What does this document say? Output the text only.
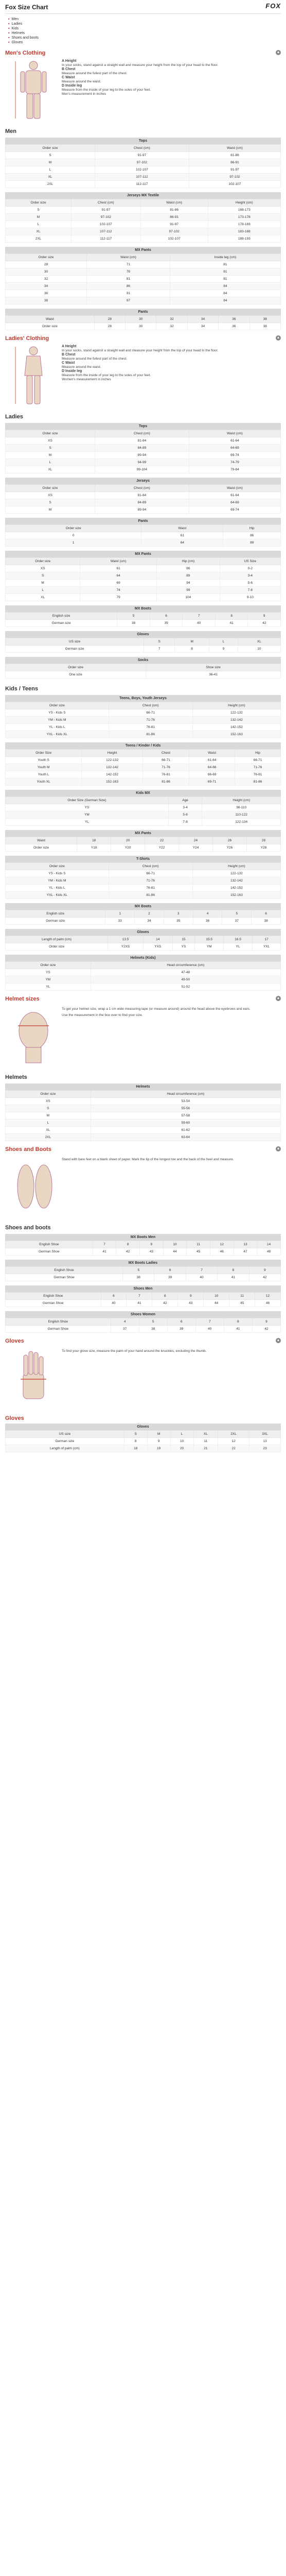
Fox Size Chart	FOX
▪ Men
▪ Ladies
▪ Kids
▪ Helmets
▪ Shoes and boots
▪ Gloves
Men's Clothing	▲
A Height
In your socks, stand against a straight wall and measure your height from the top of your head to the floor.
B Chest
Measure around the fullest part of the chest.
C Waist
Measure around the waist.
D Inside leg
Measure from the inside of your leg to the soles of your feet.
Men's measurement in inches
Men
Tops
Order size	Chest (cm)	Waist (cm)
S	91-97	81-86
M	97-102	86-91
L	102-107	91-97
XL	107-112	97-102
2XL	112-117	102-107
Jerseys MX Textile
Order size	Chest (cm)	Waist (cm)	Height (cm)
S	91-97	81-86	168-173
M	97-102	86-91	173-178
L	102-107	91-97	178-183
XL	107-112	97-102	183-188
2XL	112-117	102-107	188-193
MX Pants
Order size	Waist (cm)	Inside leg (cm)
28	71	81
30	76	81
32	81	81
34	86	84
36	91	84
38	97	84
Pants
Waist	28	30	32	34	36	38
Order size	28	30	32	34	36	38
Ladies' Clothing	▲
A Height
In your socks, stand against a straight wall and measure your height from the top of your head to the floor.
B Chest
Measure around the fullest part of the chest.
C Waist
Measure around the waist.
D Inside leg
Measure from the inside of your leg to the soles of your feet.
Women's measurement in inches
Ladies
Tops
Order size	Chest (cm)	Waist (cm)
XS	81-84	61-64
S	84-89	64-69
M	89-94	69-74
L	94-99	74-79
XL	99-104	79-84
Jerseys
Order size	Chest (cm)	Waist (cm)
XS	81-84	61-64
S	84-89	64-69
M	89-94	69-74
Pants
Order size	Waist	Hip
0	61	86
1	64	89
MX Pants
Order size	Waist (cm)	Hip (cm)	US Size
XS	61	86	0-2
S	64	89	3-4
M	69	94	5-6
L	74	99	7-8
XL	79	104	9-10
MX Boots
English size	5	6	7	8	9
German size	38	39	40	41	42
Gloves
US size	S	M	L	XL
German size	7	8	9	10
Socks
Order size	Shoe size
One size	36-41
Kids / Teens
Teens, Boys, Youth Jerseys
Order size	Chest (cm)	Height (cm)
YS - Kids S	66-71	122-132
YM - Kids M	71-76	132-142
YL - Kids L	76-81	142-152
YXL - Kids XL	81-86	152-163
Teens / Kinder / Kids
Order Size	Height	Chest	Waist	Hip
Youth S	122-132	66-71	61-64	66-71
Youth M	132-142	71-76	64-66	71-76
Youth L	142-152	76-81	66-69	76-81
Youth XL	152-163	81-86	69-71	81-86
Kids MX
Order Size (German Size)	Age	Height (cm)
YS	3-4	98-110
YM	5-6	110-122
YL	7-8	122-134
MX Pants
Waist	18	20	22	24	26	28
Order size	Y18	Y20	Y22	Y24	Y26	Y28
T-Shirts
Order size	Chest (cm)	Height (cm)
YS - Kids S	66-71	122-132
YM - Kids M	71-76	132-142
YL - Kids L	76-81	142-152
YXL - Kids XL	81-86	152-163
MX Boots
English size	1	2	3	4	5	6
German size	33	34	35	36	37	38
Gloves
Length of palm (cm)	13.5	14	15	15.5	16.5	17
Order size	Y2XS	YXS	YS	YM	YL	YXL
Helmets (Kids)
Order size	Head circumference (cm)
YS	47-48
YM	49-50
YL	51-52
Helmet sizes	▲
To get your helmet size, wrap a 1 cm wide measuring tape (or measure around) around the head above the eyebrows and ears.
Use the measurement in the box over to find your size.
Helmets
Helmets
Order size	Head circumference (cm)
XS	53-54
S	55-56
M	57-58
L	59-60
XL	61-62
2XL	63-64
Shoes and Boots	▲
Stand with bare feet on a blank sheet of paper. Mark the tip of the longest toe and the back of the heel and measure.
Shoes and boots
MX Boots Men
English Shoe	7	8	9	10	11	12	13	14
German Shoe	41	42	43	44	45	46	47	48
MX Boots Ladies
English Shoe	5	6	7	8	9
German Shoe	38	39	40	41	42
Shoes Men
English Shoe	6	7	8	9	10	11	12
German Shoe	40	41	42	43	44	45	46
Shoes Women
English Shoe	4	5	6	7	8	9
German Shoe	37	38	39	40	41	42
Gloves	▲
To find your glove size, measure the palm of your hand around the knuckles, excluding the thumb.
Gloves
Gloves
US size	S	M	L	XL	2XL	3XL
German size	8	9	10	11	12	13
Length of palm (cm)	18	19	20	21	22	23
